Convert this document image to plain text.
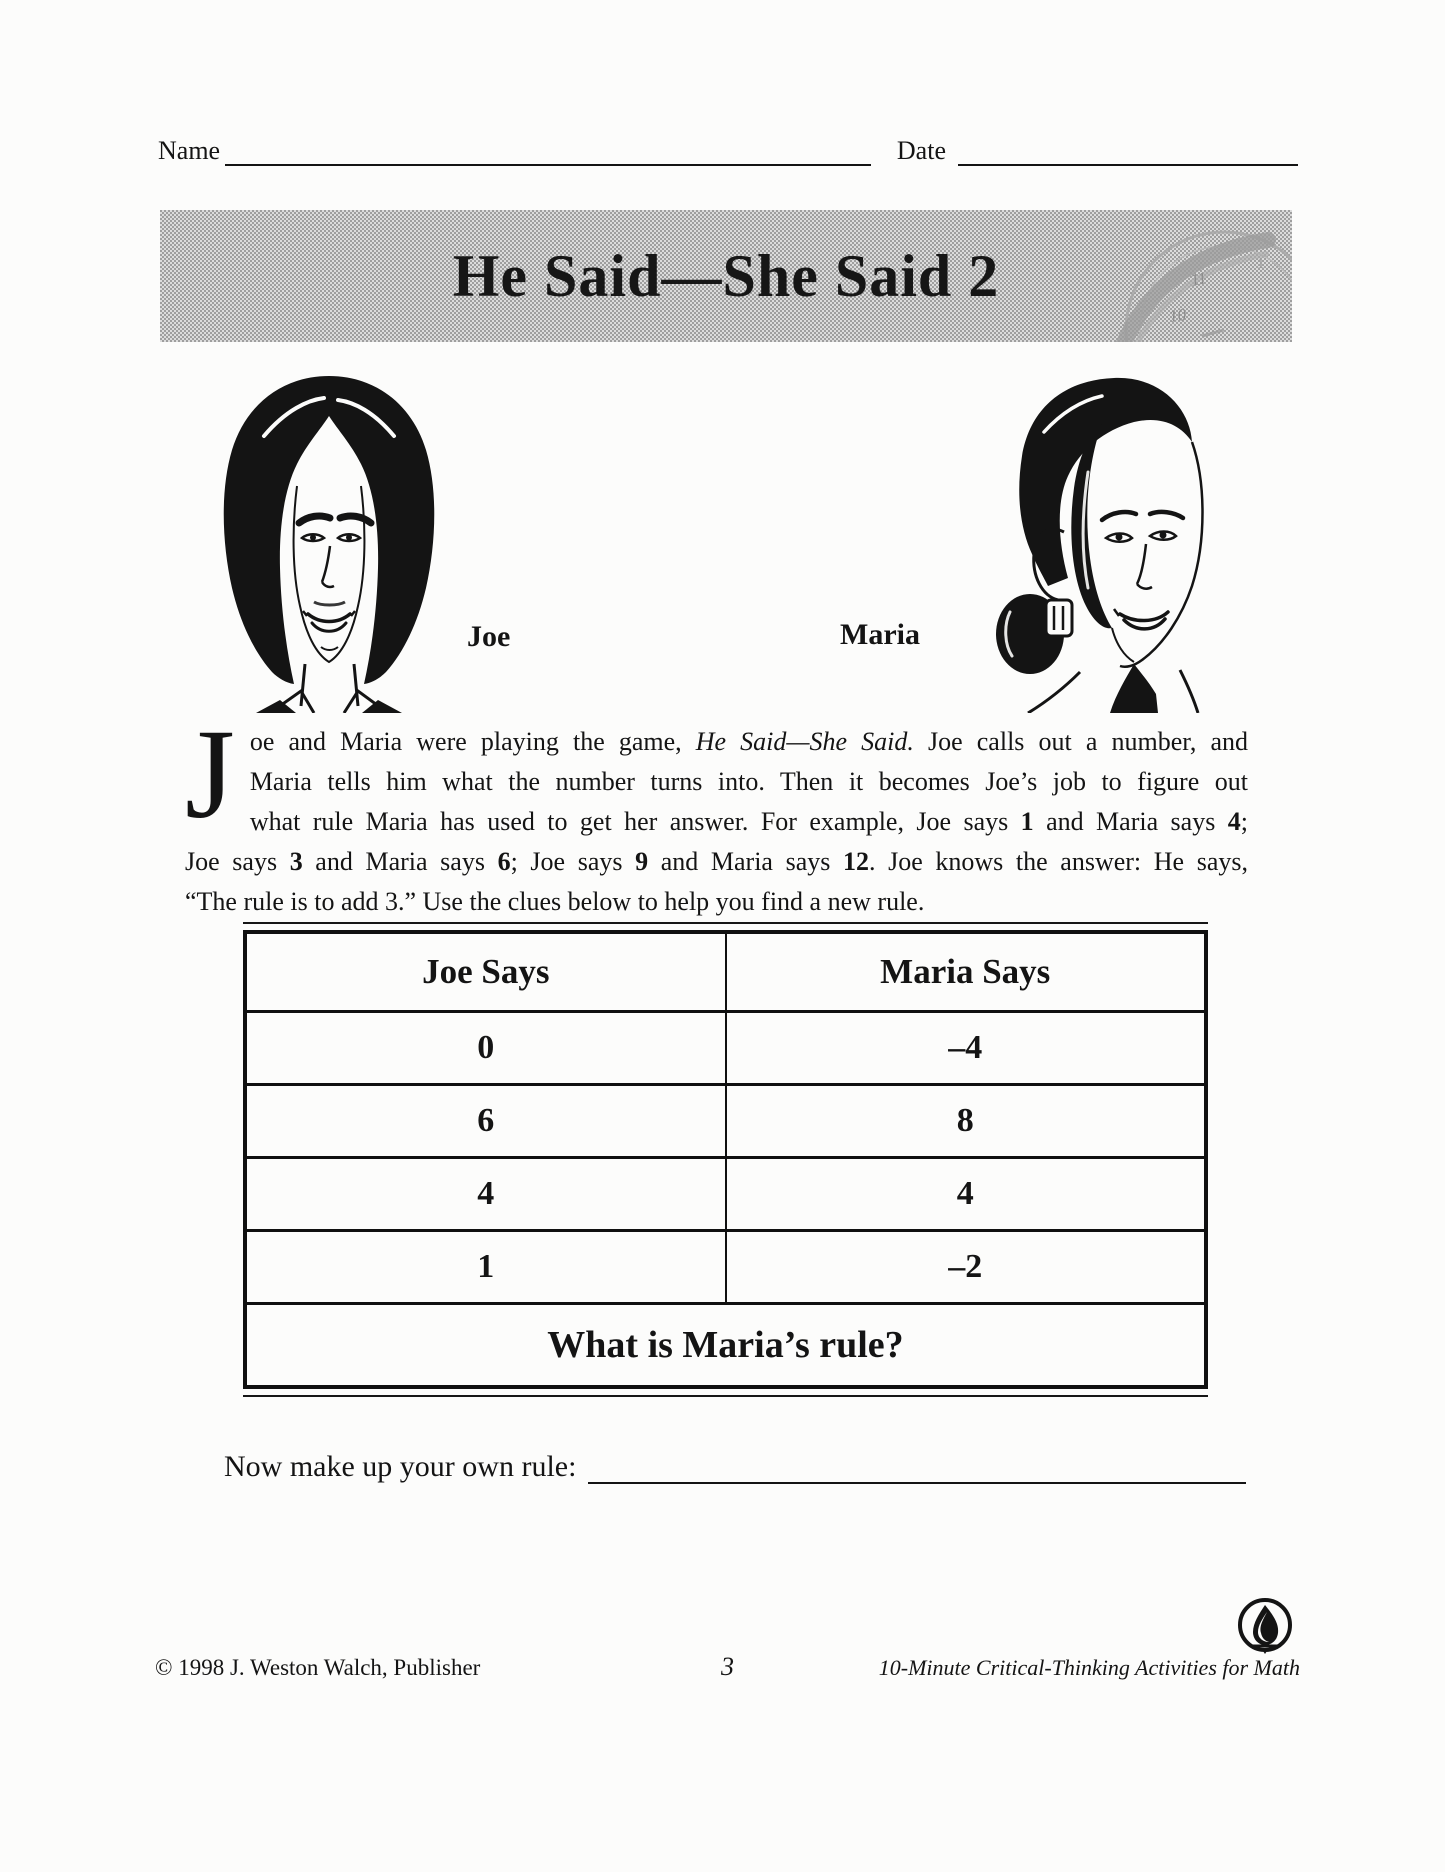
Name	Date
11
10
1
He Said—She Said 2
Joe	Maria
J oe and Maria were playing the game, He Said—She Said. Joe calls out a number, and
Maria tells him what the number turns into. Then it becomes Joe’s job to figure out
what rule Maria has used to get her answer. For example, Joe says 1 and Maria says 4;
Joe says 3 and Maria says 6; Joe says 9 and Maria says 12. Joe knows the answer: He says,
“The rule is to add 3.” Use the clues below to help you find a new rule.
Joe Says	Maria Says
0	–4
6	8
4	4
1	–2
What is Maria’s rule?	
Now make up your own rule:
© 1998 J. Weston Walch, Publisher	3	10-Minute Critical-Thinking Activities for Math
